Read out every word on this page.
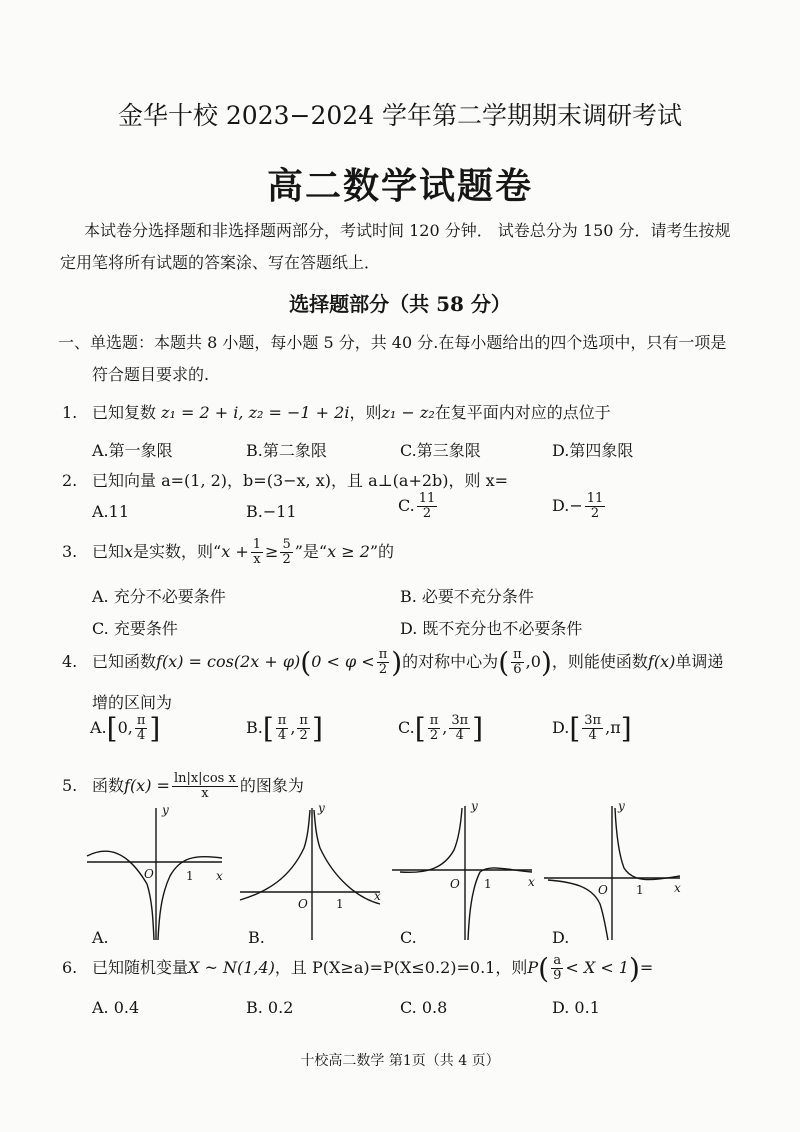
金华十校 2023−2024 学年第二学期期末调研考试
高二数学试题卷
本试卷分选择题和非选择题两部分，考试时间 120 分钟． 试卷总分为 150 分．请考生按规
定用笔将所有试题的答案涂、写在答题纸上．
选择题部分（共 58 分）
一、单选题：本题共 8 小题，每小题 5 分，共 40 分.在每小题给出的四个选项中，只有一项是
符合题目要求的.
1. 已知复数 z₁ = 2 + i, z₂ = −1 + 2i，则z₁ − z₂在复平面内对应的点位于
A.第一象限	B.第二象限	C.第三象限	D.第四象限
2. 已知向量 a=(1, 2)，b=(3−x, x)，且 a⊥(a+2b)，则 x=
A.11	B.−11	C. $\frac{11}{2}$	$D.- \frac{11}{2}$
3. 已知x是实数，则“$x + \frac{1}{x} \ge \frac{5}{2}$ ”是“x ≥ 2”的
A. 充分不必要条件	B. 必要不充分条件
C. 充要条件	D. 既不充分也不必要条件
4. 已知函数$f(x) = \cos(2x + \varphi)(0 < \varphi < \frac{\pi}{2}$ )的对称中心为( $\frac{\pi}{6} ,0$)，则能使函数f(x)单调递
增的区间为
A.[0, $\frac{\pi}{4}$ ]	$B.[ \frac{\pi}{4}$ , $\frac{\pi}{2}$ ]	$C.[ \frac{\pi}{2}$ , $\frac{3\pi}{4}$ ]	$D.[ \frac{3\pi}{4} ,\pi]$
5. 函数$f(x) = \frac{\text{ln|x|cos x}}{x}$ 的图象为
y
x
O	1
y
x
O 1
y
x
O 1
y
x
O 1
A.	B.	C.	D.
6. 已知随机变量X ~ N(1,4)，且 P(X≥a)=P(X≤0.2)=0.1，则$P( \frac{a}{9} < X < 1)=$
A. 0.4	B. 0.2	C. 0.8	D. 0.1
十校高二数学 第1页（共 4 页）
